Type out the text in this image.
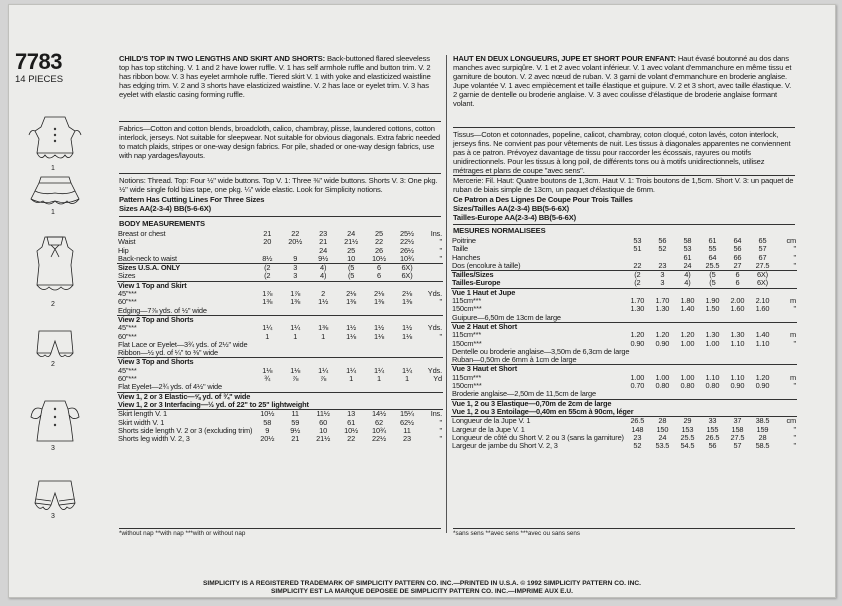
7783
14 PIECES
1
1
2
2
3
3
CHILD'S TOP IN TWO LENGTHS AND SKIRT AND SHORTS: Back-buttoned flared sleeveless top has top stitching. V. 1 and 2 have lower ruffle. V. 1 has self armhole ruffle and button trim. V. 2 has ribbon bow. V. 3 has eyelet armhole ruffle. Tiered skirt V. 1 with yoke and elasticized waistline has edging trim. V. 2 and 3 shorts have elasticized waistline. V. 2 has lace or eyelet trim. V. 3 has eyelet with elastic casing forming ruffle.
Fabrics—Cotton and cotton blends, broadcloth, calico, chambray, plisse, laundered cottons, cotton interlock, jerseys. Not suitable for sleepwear. Not suitable for obvious diagonals. Extra fabric needed to match plaids, stripes or one-way design fabrics. For pile, shaded or one-way design fabrics, use with nap yardages/layouts.
Notions: Thread. Top: Four ½" wide buttons. Top V. 1: Three ⅜" wide buttons. Shorts V. 3: One pkg. ½" wide single fold bias tape, one pkg. ¼" wide elastic. Look for Simplicity notions.
Pattern Has Cutting Lines For Three Sizes
Sizes AA(2-3-4) BB(5-6-6X)
BODY MEASUREMENTS
Breast or chest	21	22	23	24	25	25½	Ins.
Waist	20	20½	21	21½	22	22½	"
Hip			24	25	26	26½	"
Back-neck to waist	8½	9	9½	10	10½	10¾	"
Sizes U.S.A. ONLY	(2	3	4)	(5	6	6X)	
Sizes	(2	3	4)	(5	6	6X)	
View 1 Top and Skirt							
45"***	1⅞	1⅞	2	2⅛	2⅛	2⅛	Yds.
60"***	1⅜	1⅜	1½	1⅜	1⅜	1⅜	"
Edging—7⅞ yds. of ½" wide							
View 2 Top and Shorts							
45"***	1¼	1¼	1⅜	1½	1½	1½	Yds.
60"***	1	1	1	1⅛	1⅛	1⅛	"
Flat Lace or Eyelet—3¾ yds. of 2½" wide							
Ribbon—½ yd. of ¼" to ⅜" wide							
View 3 Top and Shorts							
45"***	1⅛	1⅛	1¼	1¼	1¼	1¼	Yds.
60"***	¾	⅞	⅞	1	1	1	Yd
Flat Eyelet—2¾ yds. of 4½" wide							
View 1, 2 or 3 Elastic—⅝ yd. of ¾" wide							
View 1, 2 or 3 Interfacing—½ yd. of 22" to 25" lightweight							
Skirt length V. 1	10½	11	11½	13	14½	15¼	Ins.
Skirt width V. 1	58	59	60	61	62	62½	"
Shorts side length V. 2 or 3 (excluding trim)	9	9½	10	10½	10¾	11	"
Shorts leg width V. 2, 3	20½	21	21½	22	22½	23	"
*without nap **with nap ***with or without nap
HAUT EN DEUX LONGUEURS, JUPE ET SHORT POUR ENFANT: Haut évasé boutonné au dos dans manches avec surpiqûre. V. 1 et 2 avec volant inférieur. V. 1 avec volant d'emmanchure en même tissu et garniture de bouton. V. 2 avec nœud de ruban. V. 3 garni de volant d'emmanchure en broderie anglaise. Jupe volantée V. 1 avec empiècement et taille élastique et guipure. V. 2 et 3 short, avec taille élastique. V. 2 garnie de dentelle ou broderie anglaise. V. 3 avec coulisse d'élastique de broderie anglaise formant volant.
Tissus—Coton et cotonnades, popeline, calicot, chambray, coton cloqué, coton lavés, coton interlock, jerseys fins. Ne convient pas pour vêtements de nuit. Les tissus à diagonales apparentes ne conviennent pas à ce patron. Prévoyez davantage de tissu pour raccorder les écossais, rayures ou motifs unidirectionnels. Pour les tissus à long poil, de différents tons ou à motifs unidirectionnels, utilisez métrages et plans de coupe "avec sens".
Mercerie: Fil. Haut: Quatre boutons de 1,3cm. Haut V. 1: Trois boutons de 1,5cm. Short V. 3: un paquet de ruban de biais simple de 13cm, un paquet d'élastique de 6mm.
Ce Patron a Des Lignes De Coupe Pour Trois Tailles
Sizes/Tailles AA(2-3-4) BB(5-6-6X)
Tailles-Europe AA(2-3-4) BB(5-6-6X)
MESURES NORMALISEES
Poitrine	53	56	58	61	64	65	cm
Taille	51	52	53	55	56	57	"
Hanches			61	64	66	67	"
Dos (encolure à taille)	22	23	24	25.5	27	27.5	"
Tailles/Sizes	(2	3	4)	(5	6	6X)	
Tailles-Europe	(2	3	4)	(5	6	6X)	
Vue 1 Haut et Jupe							
115cm***	1.70	1.70	1.80	1.90	2.00	2.10	m
150cm***	1.30	1.30	1.40	1.50	1.60	1.60	"
Guipure—6,50m de 13cm de large							
Vue 2 Haut et Short							
115cm***	1.20	1.20	1.20	1.30	1.30	1.40	m
150cm***	0.90	0.90	1.00	1.00	1.10	1.10	"
Dentelle ou broderie anglaise—3,50m de 6,3cm de large							
Ruban—0,50m de 6mm à 1cm de large							
Vue 3 Haut et Short							
115cm***	1.00	1.00	1.00	1.10	1.10	1.20	m
150cm***	0.70	0.80	0.80	0.80	0.90	0.90	"
Broderie anglaise—2,50m de 11,5cm de large							
Vue 1, 2 ou 3 Elastique—0,70m de 2cm de large							
Vue 1, 2 ou 3 Entoilage—0,40m en 55cm à 90cm, léger							
Longueur de la Jupe V. 1	26.5	28	29	33	37	38.5	cm
Largeur de la Jupe V. 1	148	150	153	155	158	159	"
Longueur de côté du Short V. 2 ou 3 (sans la garniture)	23	24	25.5	26.5	27.5	28	"
Largeur de jambe du Short V. 2, 3	52	53.5	54.5	56	57	58.5	"
*sans sens **avec sens ***avec ou sans sens
SIMPLICITY IS A REGISTERED TRADEMARK OF SIMPLICITY PATTERN CO. INC.—PRINTED IN U.S.A. © 1992 SIMPLICITY PATTERN CO. INC.
SIMPLICITY EST LA MARQUE DEPOSEE DE SIMPLICITY PATTERN CO. INC.—IMPRIME AUX E.U.
